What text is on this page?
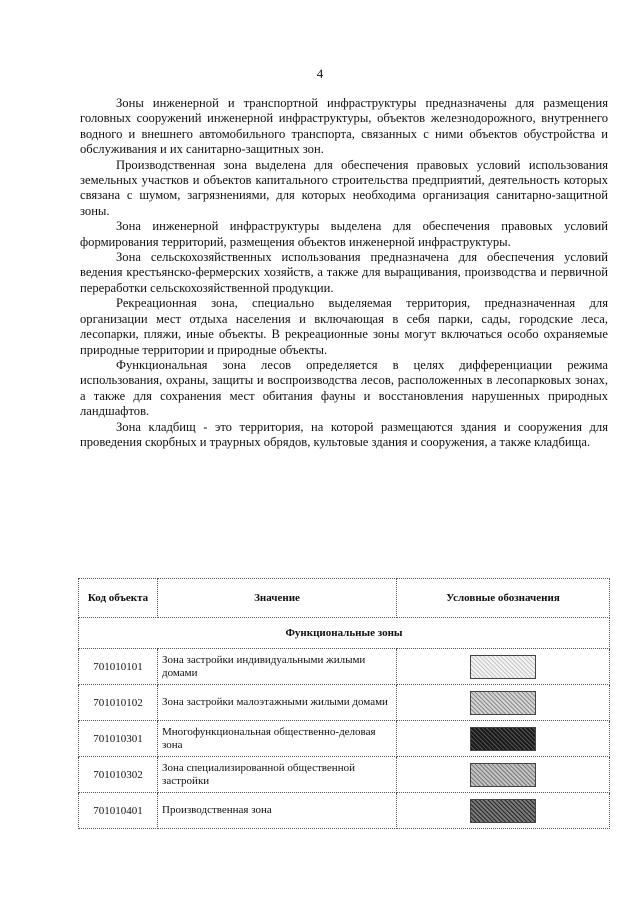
4

Зоны инженерной и транспортной инфраструктуры предназначены для размещения головных сооружений инженерной инфраструктуры, объектов железнодорожного, внутреннего водного и внешнего автомобильного транспорта, связанных с ними объектов обустройства и обслуживания и их санитарно-защитных зон.

Производственная зона выделена для обеспечения правовых условий использования земельных участков и объектов капитального строительства предприятий, деятельность которых связана с шумом, загрязнениями, для которых необходима организация санитарно-защитной зоны.

Зона инженерной инфраструктуры выделена для обеспечения правовых условий формирования территорий, размещения объектов инженерной инфраструктуры.

Зона сельскохозяйственных использования предназначена для обеспечения условий ведения крестьянско-фермерских хозяйств, а также для выращивания, производства и первичной переработки сельскохозяйственной продукции.

Рекреационная зона, специально выделяемая территория, предназначенная для организации мест отдыха населения и включающая в себя парки, сады, городские леса, лесопарки, пляжи, иные объекты. В рекреационные зоны могут включаться особо охраняемые природные территории и природные объекты.

Функциональная зона лесов определяется в целях дифференциации режима использования, охраны, защиты и воспроизводства лесов, расположенных в лесопарковых зонах, а также для сохранения мест обитания фауны и восстановления нарушенных природных ландшафтов.

Зона кладбищ - это территория, на которой размещаются здания и сооружения для проведения скорбных и траурных обрядов, культовые здания и сооружения, а также кладбища.

Код объекта	Значение	Условные обозначения
Функциональные зоны		
701010101	Зона застройки индивидуальными жилыми домами	
701010102	Зона застройки малоэтажными жилыми домами	
701010301	Многофункциональная общественно-деловая зона	
701010302	Зона специализированной общественной застройки	
701010401	Производственная зона	
